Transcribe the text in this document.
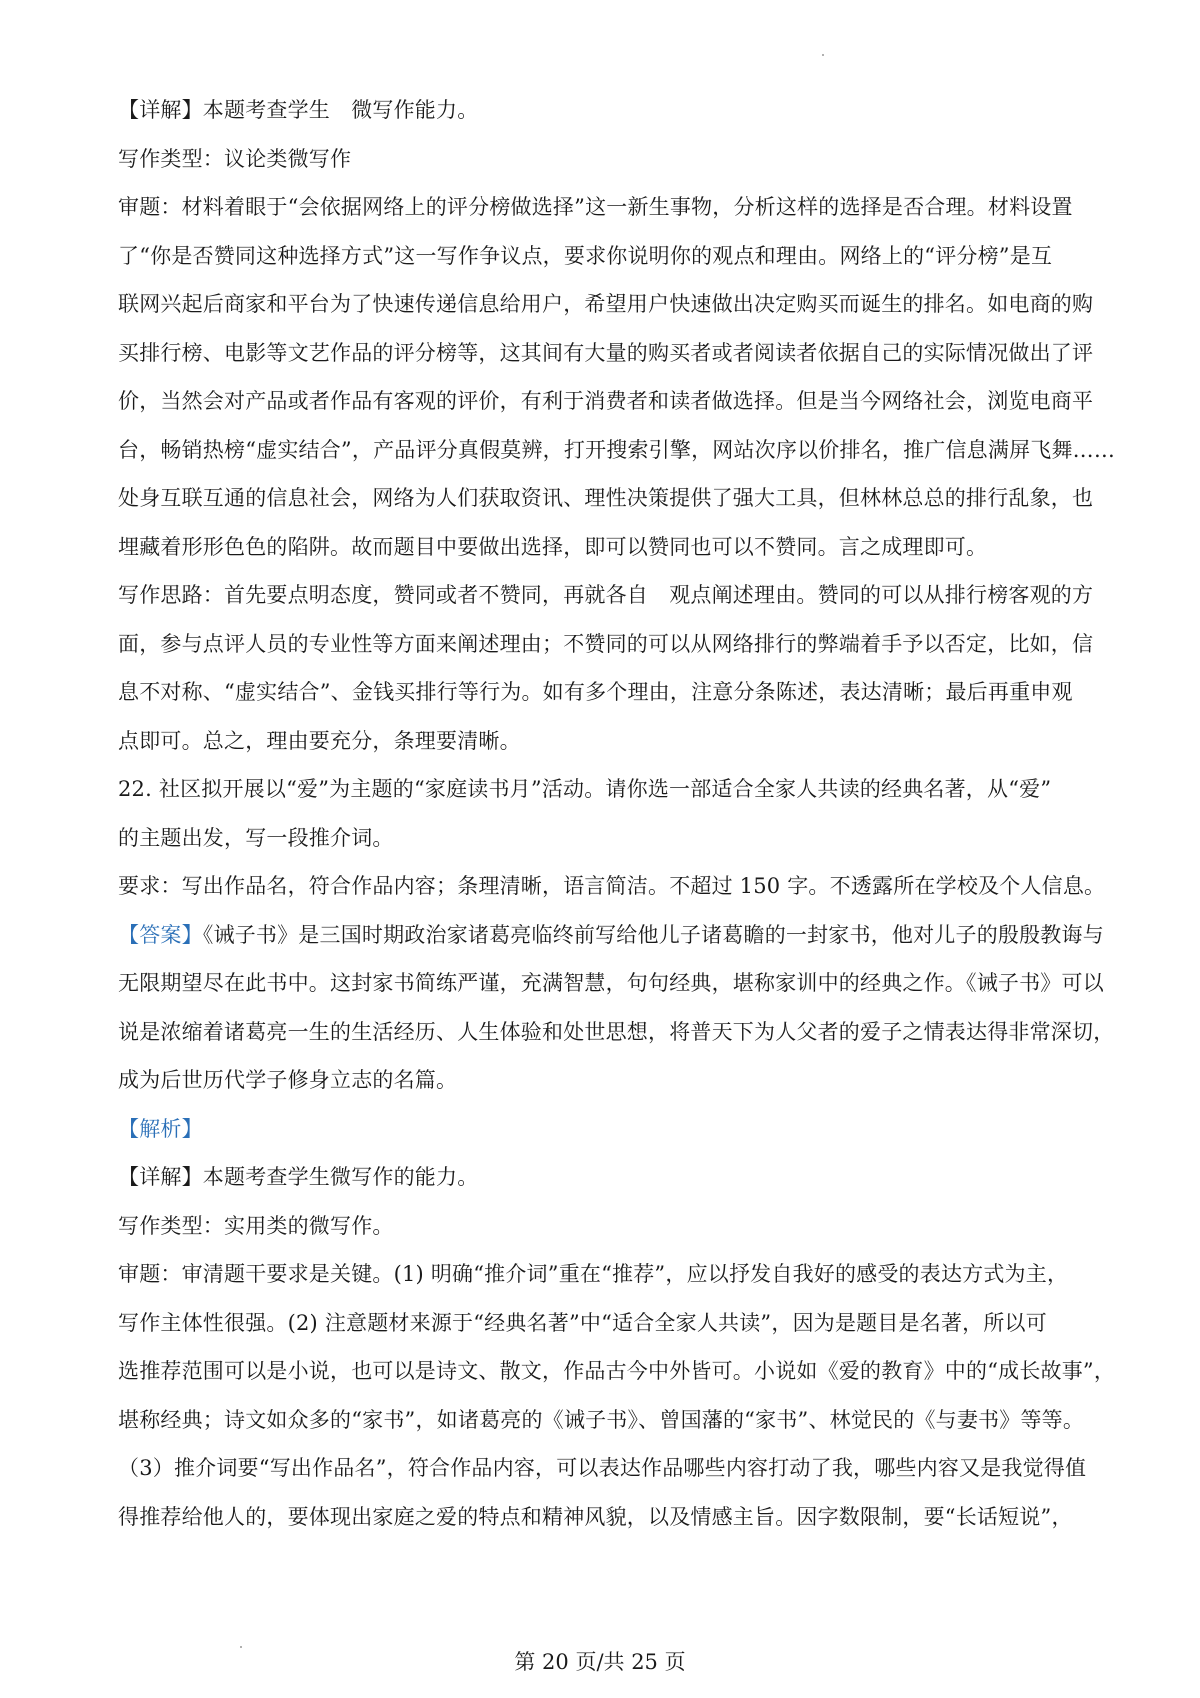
【详解】本题考查学生　微写作能力。
写作类型：议论类微写作
审题：材料着眼于“会依据网络上的评分榜做选择”这一新生事物，分析这样的选择是否合理。材料设置
了“你是否赞同这种选择方式”这一写作争议点，要求你说明你的观点和理由。网络上的“评分榜”是互
联网兴起后商家和平台为了快速传递信息给用户，希望用户快速做出决定购买而诞生的排名。如电商的购
买排行榜、电影等文艺作品的评分榜等，这其间有大量的购买者或者阅读者依据自己的实际情况做出了评
价，当然会对产品或者作品有客观的评价，有利于消费者和读者做选择。但是当今网络社会，浏览电商平
台，畅销热榜“虚实结合”，产品评分真假莫辨，打开搜索引擎，网站次序以价排名，推广信息满屏飞舞……
处身互联互通的信息社会，网络为人们获取资讯、理性决策提供了强大工具，但林林总总的排行乱象，也
埋藏着形形色色的陷阱。故而题目中要做出选择，即可以赞同也可以不赞同。言之成理即可。
写作思路：首先要点明态度，赞同或者不赞同，再就各自　观点阐述理由。赞同的可以从排行榜客观的方
面，参与点评人员的专业性等方面来阐述理由；不赞同的可以从网络排行的弊端着手予以否定，比如，信
息不对称、“虚实结合”、金钱买排行等行为。如有多个理由，注意分条陈述，表达清晰；最后再重申观
点即可。总之，理由要充分，条理要清晰。
22. 社区拟开展以“爱”为主题的“家庭读书月”活动。请你选一部适合全家人共读的经典名著，从“爱”
的主题出发，写一段推介词。
要求：写出作品名，符合作品内容；条理清晰，语言简洁。不超过 150 字。不透露所在学校及个人信息。
【答案】《诫子书》是三国时期政治家诸葛亮临终前写给他儿子诸葛瞻的一封家书，他对儿子的殷殷教诲与
无限期望尽在此书中。这封家书简练严谨，充满智慧，句句经典，堪称家训中的经典之作。《诫子书》可以
说是浓缩着诸葛亮一生的生活经历、人生体验和处世思想，将普天下为人父者的爱子之情表达得非常深切，
成为后世历代学子修身立志的名篇。
【解析】
【详解】本题考查学生微写作的能力。
写作类型：实用类的微写作。
审题：审清题干要求是关键。(1) 明确“推介词”重在“推荐”，应以抒发自我好的感受的表达方式为主，
写作主体性很强。(2) 注意题材来源于“经典名著”中“适合全家人共读”，因为是题目是名著，所以可
选推荐范围可以是小说，也可以是诗文、散文，作品古今中外皆可。小说如《爱的教育》中的“成长故事”，
堪称经典；诗文如众多的“家书”，如诸葛亮的《诫子书》、曾国藩的“家书”、林觉民的《与妻书》等等。
（3）推介词要“写出作品名”，符合作品内容，可以表达作品哪些内容打动了我，哪些内容又是我觉得值
得推荐给他人的，要体现出家庭之爱的特点和精神风貌，以及情感主旨。因字数限制，要“长话短说”，
第 20 页/共 25 页
